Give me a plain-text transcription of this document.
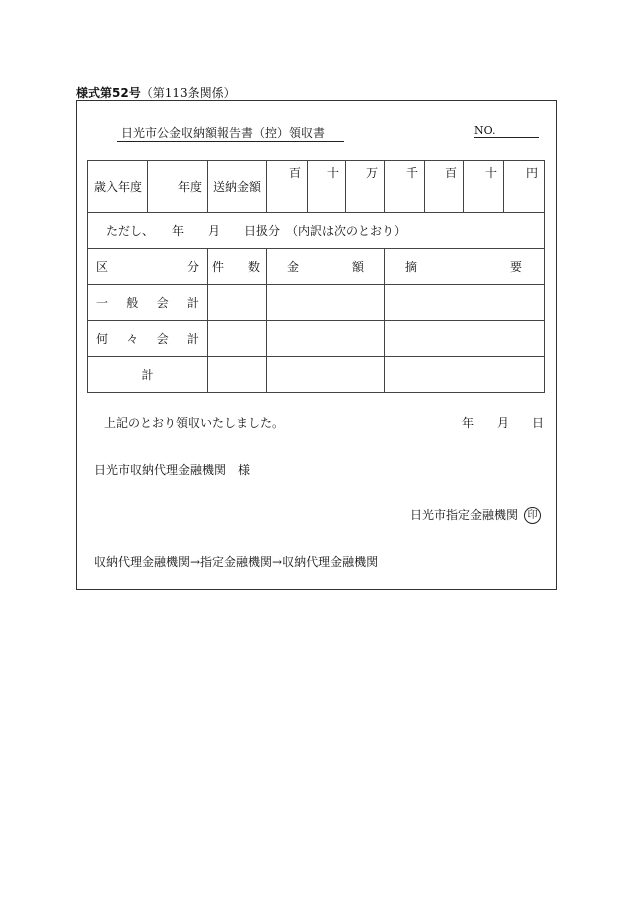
様式第52号（第113条関係）
日光市公金収納額報告書（控）領収書	NO.
歳入年度	年度	送納金額	百	十	万	千	百	十	円
ただし、　　年　　月　　日扱分　（内訳は次のとおり）									

区 分		件 数	金 額			摘 要			

一 般 会 計									

何 々 会 計									

計									
上記のとおり領収いたしました。	年 月 日
日光市収納代理金融機関　様
日光市指定金融機関 印
収納代理金融機関→指定金融機関→収納代理金融機関
